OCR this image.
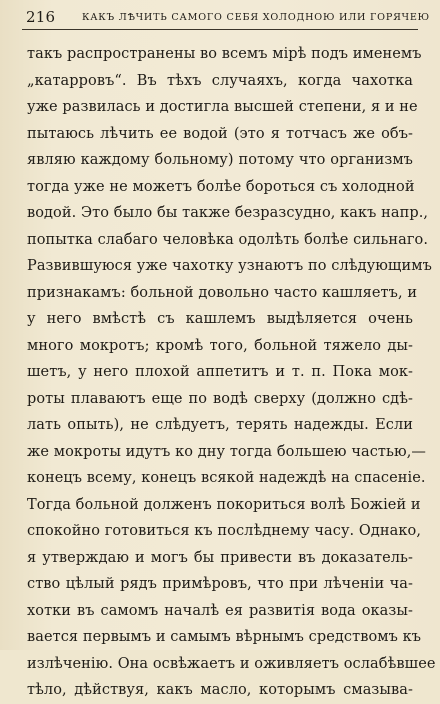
216	КАКЪ ЛѢЧИТЬ САМОГО СЕБЯ ХОЛОДНОЮ ИЛИ ГОРЯЧЕЮ
такъ распространены во всемъ мірѣ подъ именемъ
„катарровъ“. Въ тѣхъ случаяхъ, когда чахотка
уже развилась и достигла высшей степени, я и не
пытаюсь лѣчить ее водой (это я тотчасъ же объ-
являю каждому больному) потому что организмъ
тогда уже не можетъ болѣе бороться съ холодной
водой. Это было бы также безразсудно, какъ напр.,
попытка слабаго человѣка одолѣть болѣе сильнаго.
Развившуюся уже чахотку узнаютъ по слѣдующимъ
признакамъ: больной довольно часто кашляетъ, и
у него вмѣстѣ съ кашлемъ выдѣляется очень
много мокротъ; кромѣ того, больной тяжело ды-
шетъ, у него плохой аппетитъ и т. п. Пока мок-
роты плаваютъ еще по водѣ сверху (должно сдѣ-
лать опыть), не слѣдуетъ, терять надежды. Если
же мокроты идутъ ко дну тогда большею частью,—
конецъ всему, конецъ всякой надеждѣ на спасеніе.
Тогда больной долженъ покориться волѣ Божіей и
спокойно готовиться къ послѣднему часу. Однако,
я утверждаю и могъ бы привести въ доказатель-
ство цѣлый рядъ примѣровъ, что при лѣченіи ча-
хотки въ самомъ началѣ ея развитія вода оказы-
вается первымъ и самымъ вѣрнымъ средствомъ къ
излѣченію. Она освѣжаетъ и оживляетъ ослабѣвшее
тѣло, дѣйствуя, какъ масло, которымъ смазыва-
